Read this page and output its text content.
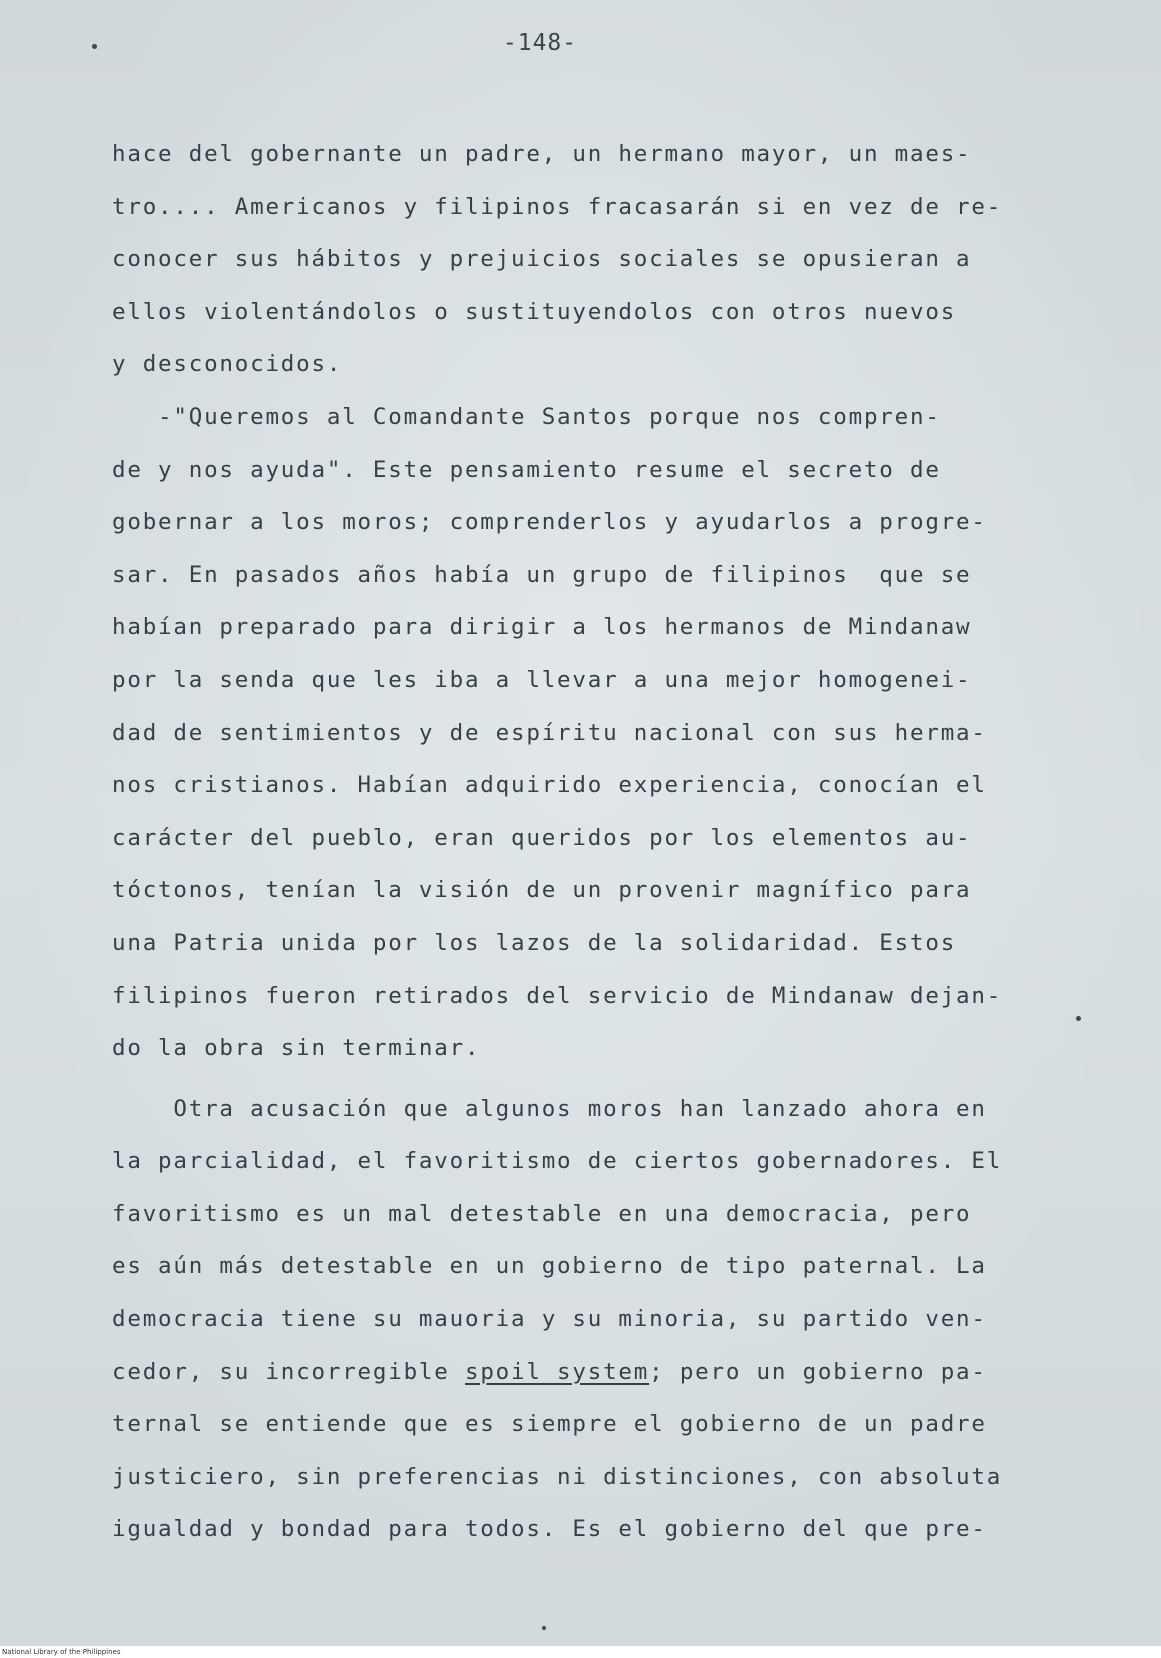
-148-
hace del gobernante un padre, un hermano mayor, un maes-
tro.... Americanos y filipinos fracasarán si en vez de re-
conocer sus hábitos y prejuicios sociales se opusieran a
ellos violentándolos o sustituyendolos con otros nuevos
y desconocidos.
-"Queremos al Comandante Santos porque nos compren-
de y nos ayuda". Este pensamiento resume el secreto de
gobernar a los moros; comprenderlos y ayudarlos a progre-
sar. En pasados años había un grupo de filipinos  que se
habían preparado para dirigir a los hermanos de Mindanaw
por la senda que les iba a llevar a una mejor homogenei-
dad de sentimientos y de espíritu nacional con sus herma-
nos cristianos. Habían adquirido experiencia, conocían el
carácter del pueblo, eran queridos por los elementos au-
tóctonos, tenían la visión de un provenir magnífico para
una Patria unida por los lazos de la solidaridad. Estos
filipinos fueron retirados del servicio de Mindanaw dejan-
do la obra sin terminar.
Otra acusación que algunos moros han lanzado ahora en
la parcialidad, el favoritismo de ciertos gobernadores. El
favoritismo es un mal detestable en una democracia, pero
es aún más detestable en un gobierno de tipo paternal. La
democracia tiene su mauoria y su minoria, su partido ven-
cedor, su incorregible spoil system; pero un gobierno pa-
ternal se entiende que es siempre el gobierno de un padre
justiciero, sin preferencias ni distinciones, con absoluta
igualdad y bondad para todos. Es el gobierno del que pre-
National Library of the Philippines
